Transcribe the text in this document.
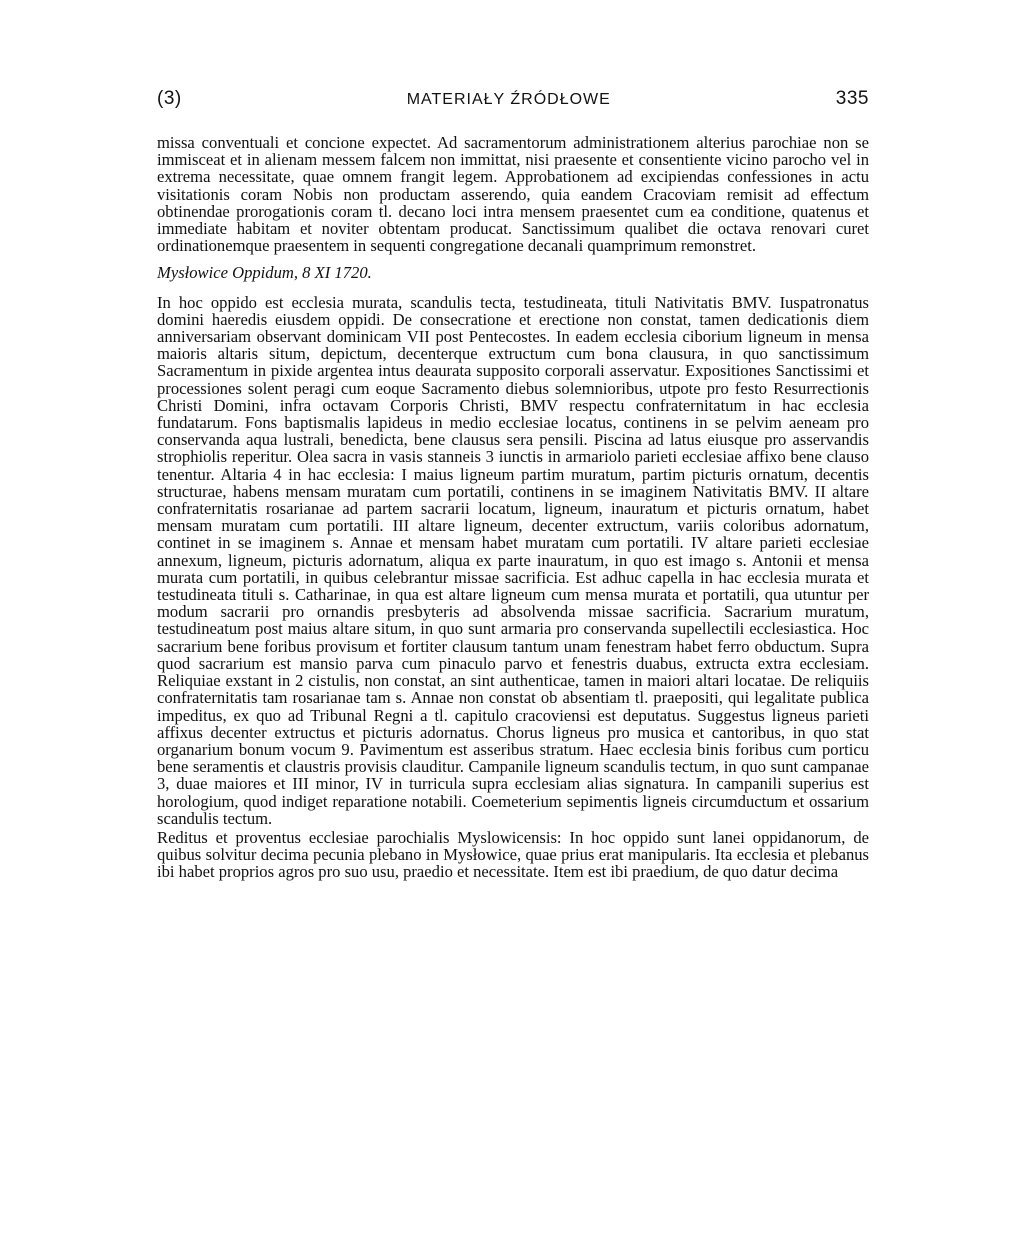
(3)	MATERIAŁY ŹRÓDŁOWE	335

missa conventuali et concione expectet. Ad sacramentorum administrationem alterius parochiae non se immisceat et in alienam messem falcem non immittat, nisi praesente et consentiente vicino parocho vel in extrema necessitate, quae omnem frangit legem. Approbationem ad excipiendas confessiones in actu visitationis coram Nobis non productam asserendo, quia eandem Cracoviam remisit ad effectum obtinendae prorogationis coram tl. decano loci intra mensem praesentet cum ea conditione, quatenus et immediate habitam et noviter obtentam producat. Sanctissimum qualibet die octava renovari curet ordinationemque praesentem in sequenti congregatione decanali quamprimum remonstret.

Mysłowice Oppidum, 8 XI 1720.

In hoc oppido est ecclesia murata, scandulis tecta, testudineata, tituli Nativitatis BMV. Iuspatronatus domini haeredis eiusdem oppidi. De consecratione et erectione non constat, tamen dedicationis diem anniversariam observant dominicam VII post Pentecostes. In eadem ecclesia ciborium ligneum in mensa maioris altaris situm, depictum, decenterque extructum cum bona clausura, in quo sanctissimum Sacramentum in pixide argentea intus deaurata supposito corporali asservatur. Expositiones Sanctissimi et processiones solent peragi cum eoque Sacramento diebus solemnioribus, utpote pro festo Resurrectionis Christi Domini, infra octavam Corporis Christi, BMV respectu confraternitatum in hac ecclesia fundatarum. Fons baptismalis lapideus in medio ecclesiae locatus, continens in se pelvim aeneam pro conservanda aqua lustrali, benedicta, bene clausus sera pensili. Piscina ad latus eiusque pro asservandis strophiolis reperitur. Olea sacra in vasis stanneis 3 iunctis in armariolo parieti ecclesiae affixo bene clauso tenentur. Altaria 4 in hac ecclesia: I maius ligneum partim muratum, partim picturis ornatum, decentis structurae, habens mensam muratam cum portatili, continens in se imaginem Nativitatis BMV. II altare confraternitatis rosarianae ad partem sacrarii locatum, ligneum, inauratum et picturis ornatum, habet mensam muratam cum portatili. III altare ligneum, decenter extructum, variis coloribus adornatum, continet in se imaginem s. Annae et mensam habet muratam cum portatili. IV altare parieti ecclesiae annexum, ligneum, picturis adornatum, aliqua ex parte inauratum, in quo est imago s. Antonii et mensa murata cum portatili, in quibus celebrantur missae sacrificia. Est adhuc capella in hac ecclesia murata et testudineata tituli s. Catharinae, in qua est altare ligneum cum mensa murata et portatili, qua utuntur per modum sacrarii pro ornandis presbyteris ad absolvenda missae sacrificia. Sacrarium muratum, testudineatum post maius altare situm, in quo sunt armaria pro conservanda supellectili ecclesiastica. Hoc sacrarium bene foribus provisum et fortiter clausum tantum unam fenestram habet ferro obductum. Supra quod sacrarium est mansio parva cum pinaculo parvo et fenestris duabus, extructa extra ecclesiam. Reliquiae exstant in 2 cistulis, non constat, an sint authenticae, tamen in maiori altari locatae. De reliquiis confraternitatis tam rosarianae tam s. Annae non constat ob absentiam tl. praepositi, qui legalitate publica impeditus, ex quo ad Tribunal Regni a tl. capitulo cracoviensi est deputatus. Suggestus ligneus parieti affixus decenter extructus et picturis adornatus. Chorus ligneus pro musica et cantoribus, in quo stat organarium bonum vocum 9. Pavimentum est asseribus stratum. Haec ecclesia binis foribus cum porticu bene seramentis et claustris provisis clauditur. Campanile ligneum scandulis tectum, in quo sunt campanae 3, duae maiores et III minor, IV in turricula supra ecclesiam alias signatura. In campanili superius est horologium, quod indiget reparatione notabili. Coemeterium sepimentis ligneis circumductum et ossarium scandulis tectum.

Reditus et proventus ecclesiae parochialis Myslowicensis: In hoc oppido sunt lanei oppidanorum, de quibus solvitur decima pecunia plebano in Mysłowice, quae prius erat manipularis. Ita ecclesia et plebanus ibi habet proprios agros pro suo usu, praedio et necessitate. Item est ibi praedium, de quo datur decima
